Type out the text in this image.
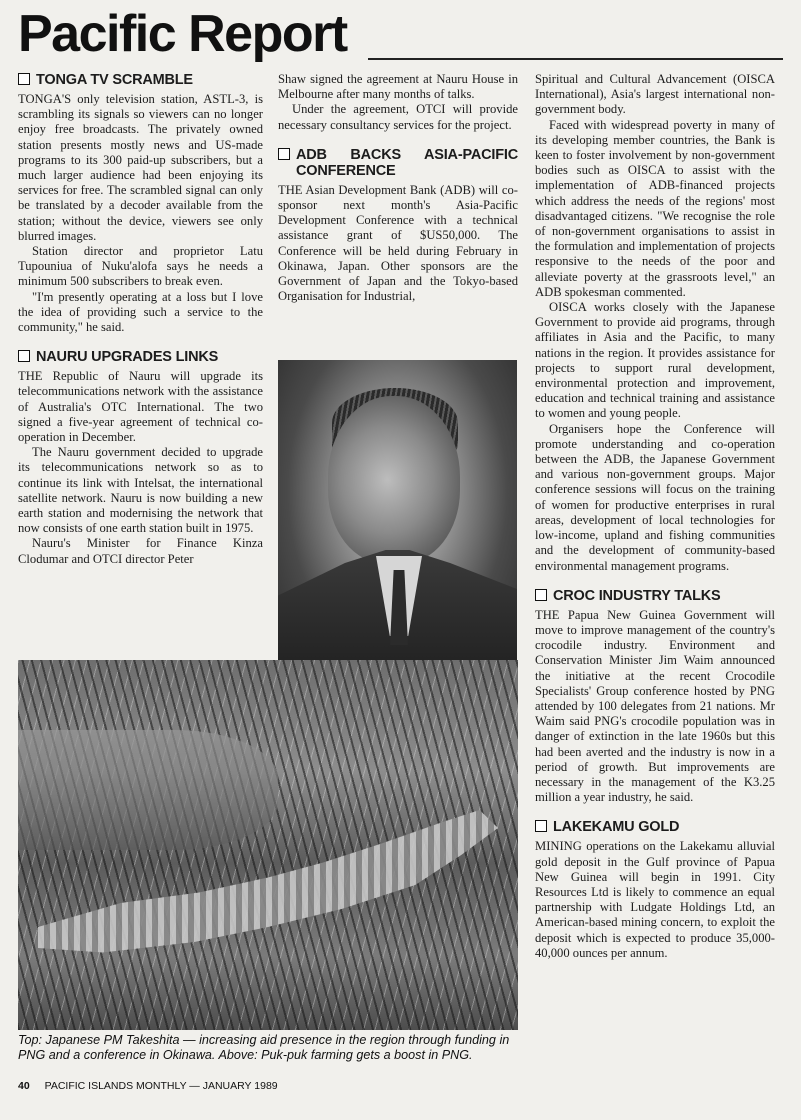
Pacific Report
TONGA TV SCRAMBLE

TONGA'S only television station, ASTL-3, is scrambling its signals so viewers can no longer enjoy free broadcasts. The privately owned station presents mostly news and US-made programs to its 300 paid-up subscribers, but a much larger audience had been enjoying its services for free. The scrambled signal can only be translated by a decoder available from the station; without the device, viewers see only blurred images.

Station director and proprietor Latu Tupouniua of Nuku'alofa says he needs a minimum 500 subscribers to break even.

"I'm presently operating at a loss but I love the idea of providing such a service to the community," he said.

NAURU UPGRADES LINKS

THE Republic of Nauru will upgrade its telecommunications network with the assistance of Australia's OTC International. The two signed a five-year agreement of technical co-operation in December.

The Nauru government decided to upgrade its telecommunications network so as to continue its link with Intelsat, the international satellite network. Nauru is now building a new earth station and modernising the network that now consists of one earth station built in 1975.

Nauru's Minister for Finance Kinza Clodumar and OTCI director Peter

Shaw signed the agreement at Nauru House in Melbourne after many months of talks.

Under the agreement, OTCI will provide necessary consultancy services for the project.

ADB BACKS ASIA-PACIFIC CONFERENCE

THE Asian Development Bank (ADB) will co-sponsor next month's Asia-Pacific Development Conference with a technical assistance grant of $US50,000. The Conference will be held during February in Okinawa, Japan. Other sponsors are the Government of Japan and the Tokyo-based Organisation for Industrial,

Spiritual and Cultural Advancement (OISCA International), Asia's largest international non-government body.

Faced with widespread poverty in many of its developing member countries, the Bank is keen to foster involvement by non-government bodies such as OISCA to assist with the implementation of ADB-financed projects which address the needs of the regions' most disadvantaged citizens. "We recognise the role of non-government organisations to assist in the formulation and implementation of projects responsive to the needs of the poor and alleviate poverty at the grassroots level," an ADB spokesman commented.

OISCA works closely with the Japanese Government to provide aid programs, through affiliates in Asia and the Pacific, to many nations in the region. It provides assistance for projects to support rural development, environmental protection and improvement, education and technical training and assistance to women and young people.

Organisers hope the Conference will promote understanding and co-operation between the ADB, the Japanese Government and various non-government groups. Major conference sessions will focus on the training of women for productive enterprises in rural areas, development of local technologies for low-income, upland and fishing communities and the development of community-based environmental management programs.

CROC INDUSTRY TALKS

THE Papua New Guinea Government will move to improve management of the country's crocodile industry. Environment and Conservation Minister Jim Waim announced the initiative at the recent Crocodile Specialists' Group conference hosted by PNG attended by 100 delegates from 21 nations. Mr Waim said PNG's crocodile population was in danger of extinction in the late 1960s but this had been averted and the industry is now in a period of growth. But improvements are necessary in the management of the K3.25 million a year industry, he said.

LAKEKAMU GOLD

MINING operations on the Lakekamu alluvial gold deposit in the Gulf province of Papua New Guinea will begin in 1991. City Resources Ltd is likely to commence an equal partnership with Ludgate Holdings Ltd, an American-based mining concern, to exploit the deposit which is expected to produce 35,000-40,000 ounces per annum.

Top: Japanese PM Takeshita — increasing aid presence in the region through funding in PNG and a conference in Okinawa. Above: Puk-puk farming gets a boost in PNG.
40 PACIFIC ISLANDS MONTHLY — JANUARY 1989
